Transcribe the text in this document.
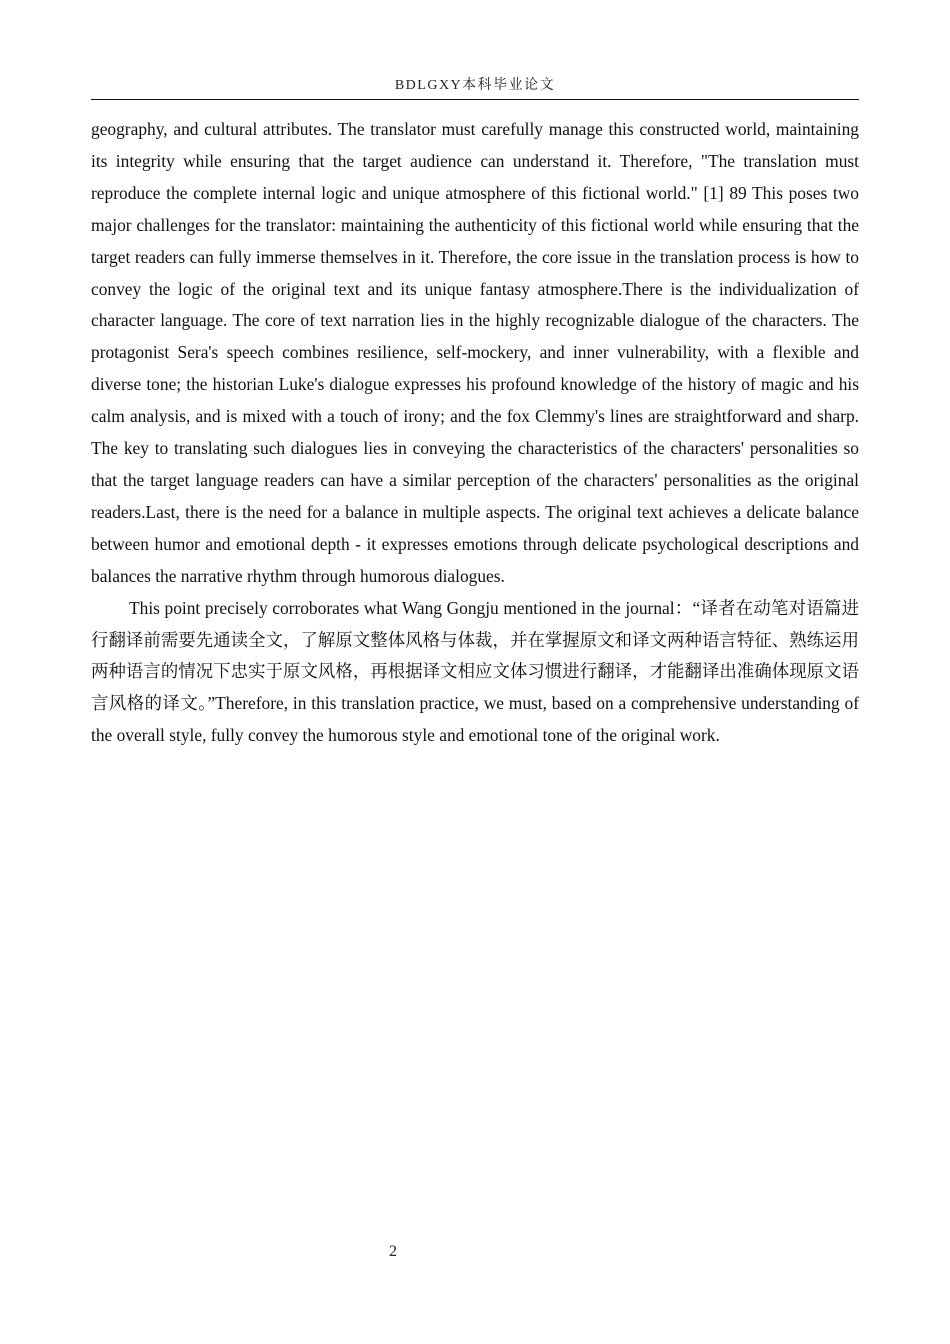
BDLGXY本科毕业论文

geography, and cultural attributes. The translator must carefully manage this constructed world, maintaining its integrity while ensuring that the target audience can understand it. Therefore, "The translation must reproduce the complete internal logic and unique atmosphere of this fictional world." [1] 89 This poses two major challenges for the translator: maintaining the authenticity of this fictional world while ensuring that the target readers can fully immerse themselves in it. Therefore, the core issue in the translation process is how to convey the logic of the original text and its unique fantasy atmosphere.There is the individualization of character language. The core of text narration lies in the highly recognizable dialogue of the characters. The protagonist Sera's speech combines resilience, self-mockery, and inner vulnerability, with a flexible and diverse tone; the historian Luke's dialogue expresses his profound knowledge of the history of magic and his calm analysis, and is mixed with a touch of irony; and the fox Clemmy's lines are straightforward and sharp. The key to translating such dialogues lies in conveying the characteristics of the characters' personalities so that the target language readers can have a similar perception of the characters' personalities as the original readers.Last, there is the need for a balance in multiple aspects. The original text achieves a delicate balance between humor and emotional depth - it expresses emotions through delicate psychological descriptions and balances the narrative rhythm through humorous dialogues.

This point precisely corroborates what Wang Gongju mentioned in the journal：“译者在动笔对语篇进行翻译前需要先通读全文，了解原文整体风格与体裁，并在掌握原文和译文两种语言特征、熟练运用两种语言的情况下忠实于原文风格，再根据译文相应文体习惯进行翻译，才能翻译出准确体现原文语言风格的译文。”Therefore, in this translation practice, we must, based on a comprehensive understanding of the overall style, fully convey the humorous style and emotional tone of the original work.

2
